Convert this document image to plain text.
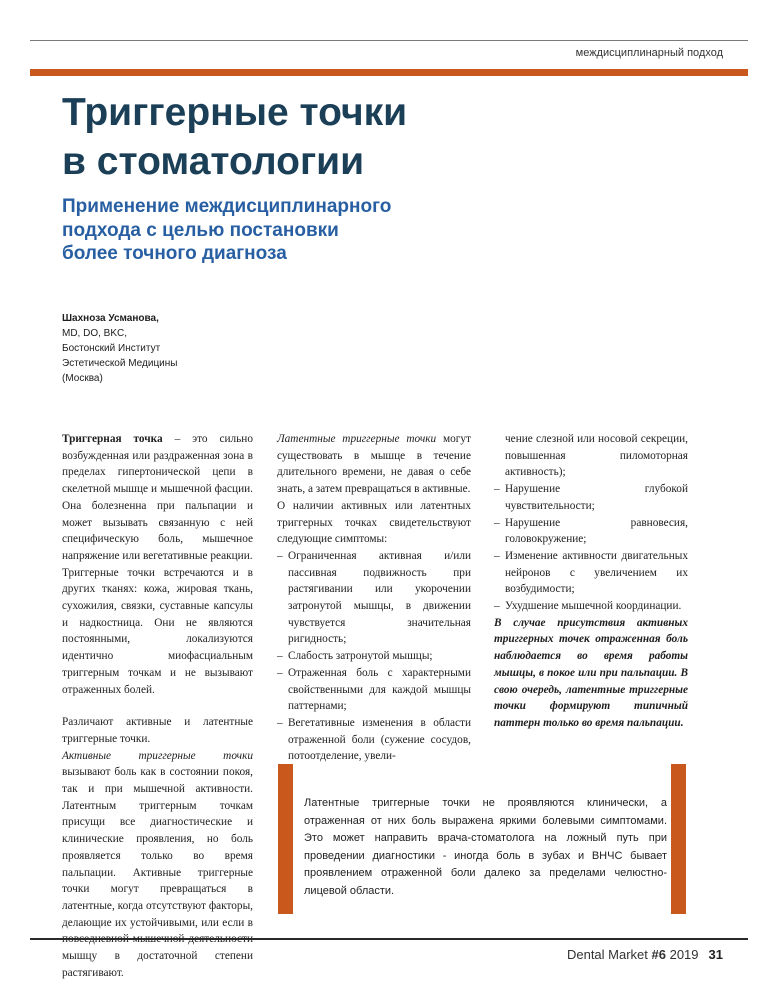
междисциплинарный подход
Триггерные точки
в стоматологии
Применение междисциплинарного
подхода с целью постановки
более точного диагноза
Шахноза Усманова,
MD, DO, BKC,
Бостонский Институт
Эстетической Медицины
(Москва)

Триггерная точка – это сильно возбужденная или раздраженная зона в пределах гипертонической цепи в скелетной мышце и мышечной фасции. Она болезненна при пальпации и может вызывать связанную с ней специфическую боль, мышечное напряжение или вегетативные реакции.

Триггерные точки встречаются и в других тканях: кожа, жировая ткань, сухожилия, связки, суставные капсулы и надкостница. Они не являются постоянными, локализуются идентично миофасциальным триггерным точкам и не вызывают отраженных болей.

Различают активные и латентные триггерные точки.

Активные триггерные точки вызывают боль как в состоянии покоя, так и при мышечной активности. Латентным триггерным точкам присущи все диагностические и клинические проявления, но боль проявляется только во время пальпации. Активные триггерные точки могут превращаться в латентные, когда отсутствуют факторы, делающие их устойчивыми, или если в мышцу в достаточной степени растягивают.

Латентные триггерные точки могут существовать в мышце в течение длительного времени, не давая о себе знать, а затем превращаться в активные.

О наличии активных или латентных триггерных точках свидетельствуют следующие симптомы:

– Ограниченная активная и/или пассивная подвижность при растягивании или укорочении затронутой мышцы, в движении чувствуется значительная ригидность;
– Слабость затронутой мышцы;
– Отраженная боль с характерными свойственными для каждой мышцы паттернами;
– Вегетативные изменения в области отраженной боли (сужение сосудов, потоотделение, увели-

чение слезной или носовой секреции, повышенная пиломоторная активность);

– Нарушение глубокой чувствительности;
– Нарушение равновесия, головокружение;
– Изменение активности двигательных нейронов с увеличением их возбудимости;
– Ухудшение мышечной координации.

В случае присутствия активных триггерных точек отраженная боль наблюдается во время работы мышцы, в покое или при пальпации. В свою очередь, латентные триггерные точки формируют типичный паттерн только во время пальпации.

Латентные триггерные точки не проявляются клинически, а отраженная от них боль выражена яркими болевыми симптомами. Это может направить врача-стоматолога на ложный путь при проведении диагностики - иногда боль в зубах и ВНЧС бывает проявлением отраженной боли далеко за пределами челюстно-лицевой области.
Dental Market #6 2019 31
